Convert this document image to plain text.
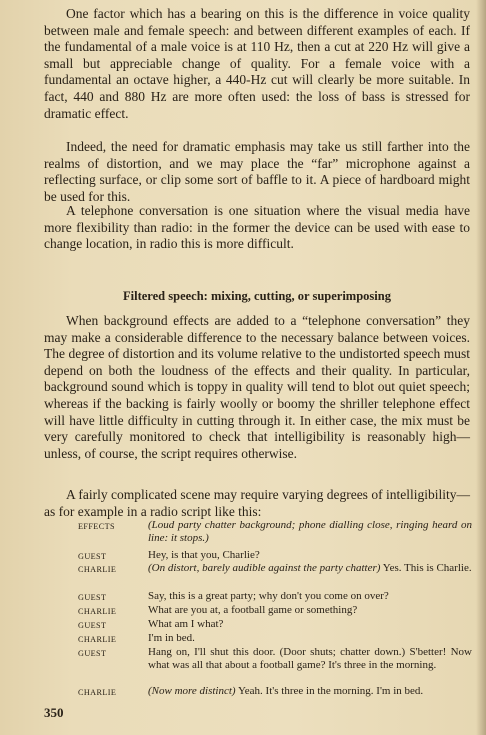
One factor which has a bearing on this is the difference in voice quality between male and female speech: and between different examples of each. If the fundamental of a male voice is at 110 Hz, then a cut at 220 Hz will give a small but appreciable change of quality. For a female voice with a fundamental an octave higher, a 440-Hz cut will clearly be more suitable. In fact, 440 and 880 Hz are more often used: the loss of bass is stressed for dramatic effect.

Indeed, the need for dramatic emphasis may take us still farther into the realms of distortion, and we may place the “far” microphone against a reflecting surface, or clip some sort of baffle to it. A piece of hardboard might be used for this.

A telephone conversation is one situation where the visual media have more flexibility than radio: in the former the device can be used with ease to change location, in radio this is more difficult.

Filtered speech: mixing, cutting, or superimposing

When background effects are added to a “telephone conversation” they may make a considerable difference to the necessary balance between voices. The degree of distortion and its volume relative to the undistorted speech must depend on both the loudness of the effects and their quality. In particular, background sound which is toppy in quality will tend to blot out quiet speech; whereas if the backing is fairly woolly or boomy the shriller telephone effect will have little difficulty in cutting through it. In either case, the mix must be very carefully monitored to check that intelligibility is reasonably high—unless, of course, the script requires otherwise.

A fairly complicated scene may require varying degrees of intelligibility—as for example in a radio script like this:

EFFECTS	(Loud party chatter background; phone dialling close, ringing heard on line: it stops.)
GUEST	Hey, is that you, Charlie?
CHARLIE	(On distort, barely audible against the party chatter) Yes. This is Charlie.
GUEST	Say, this is a great party; why don't you come on over?
CHARLIE	What are you at, a football game or something?
GUEST	What am I what?
CHARLIE	I'm in bed.
GUEST	Hang on, I'll shut this door. (Door shuts; chatter down.) S'better! Now what was all that about a football game? It's three in the morning.
CHARLIE	(Now more distinct) Yeah. It's three in the morning. I'm in bed.

350
